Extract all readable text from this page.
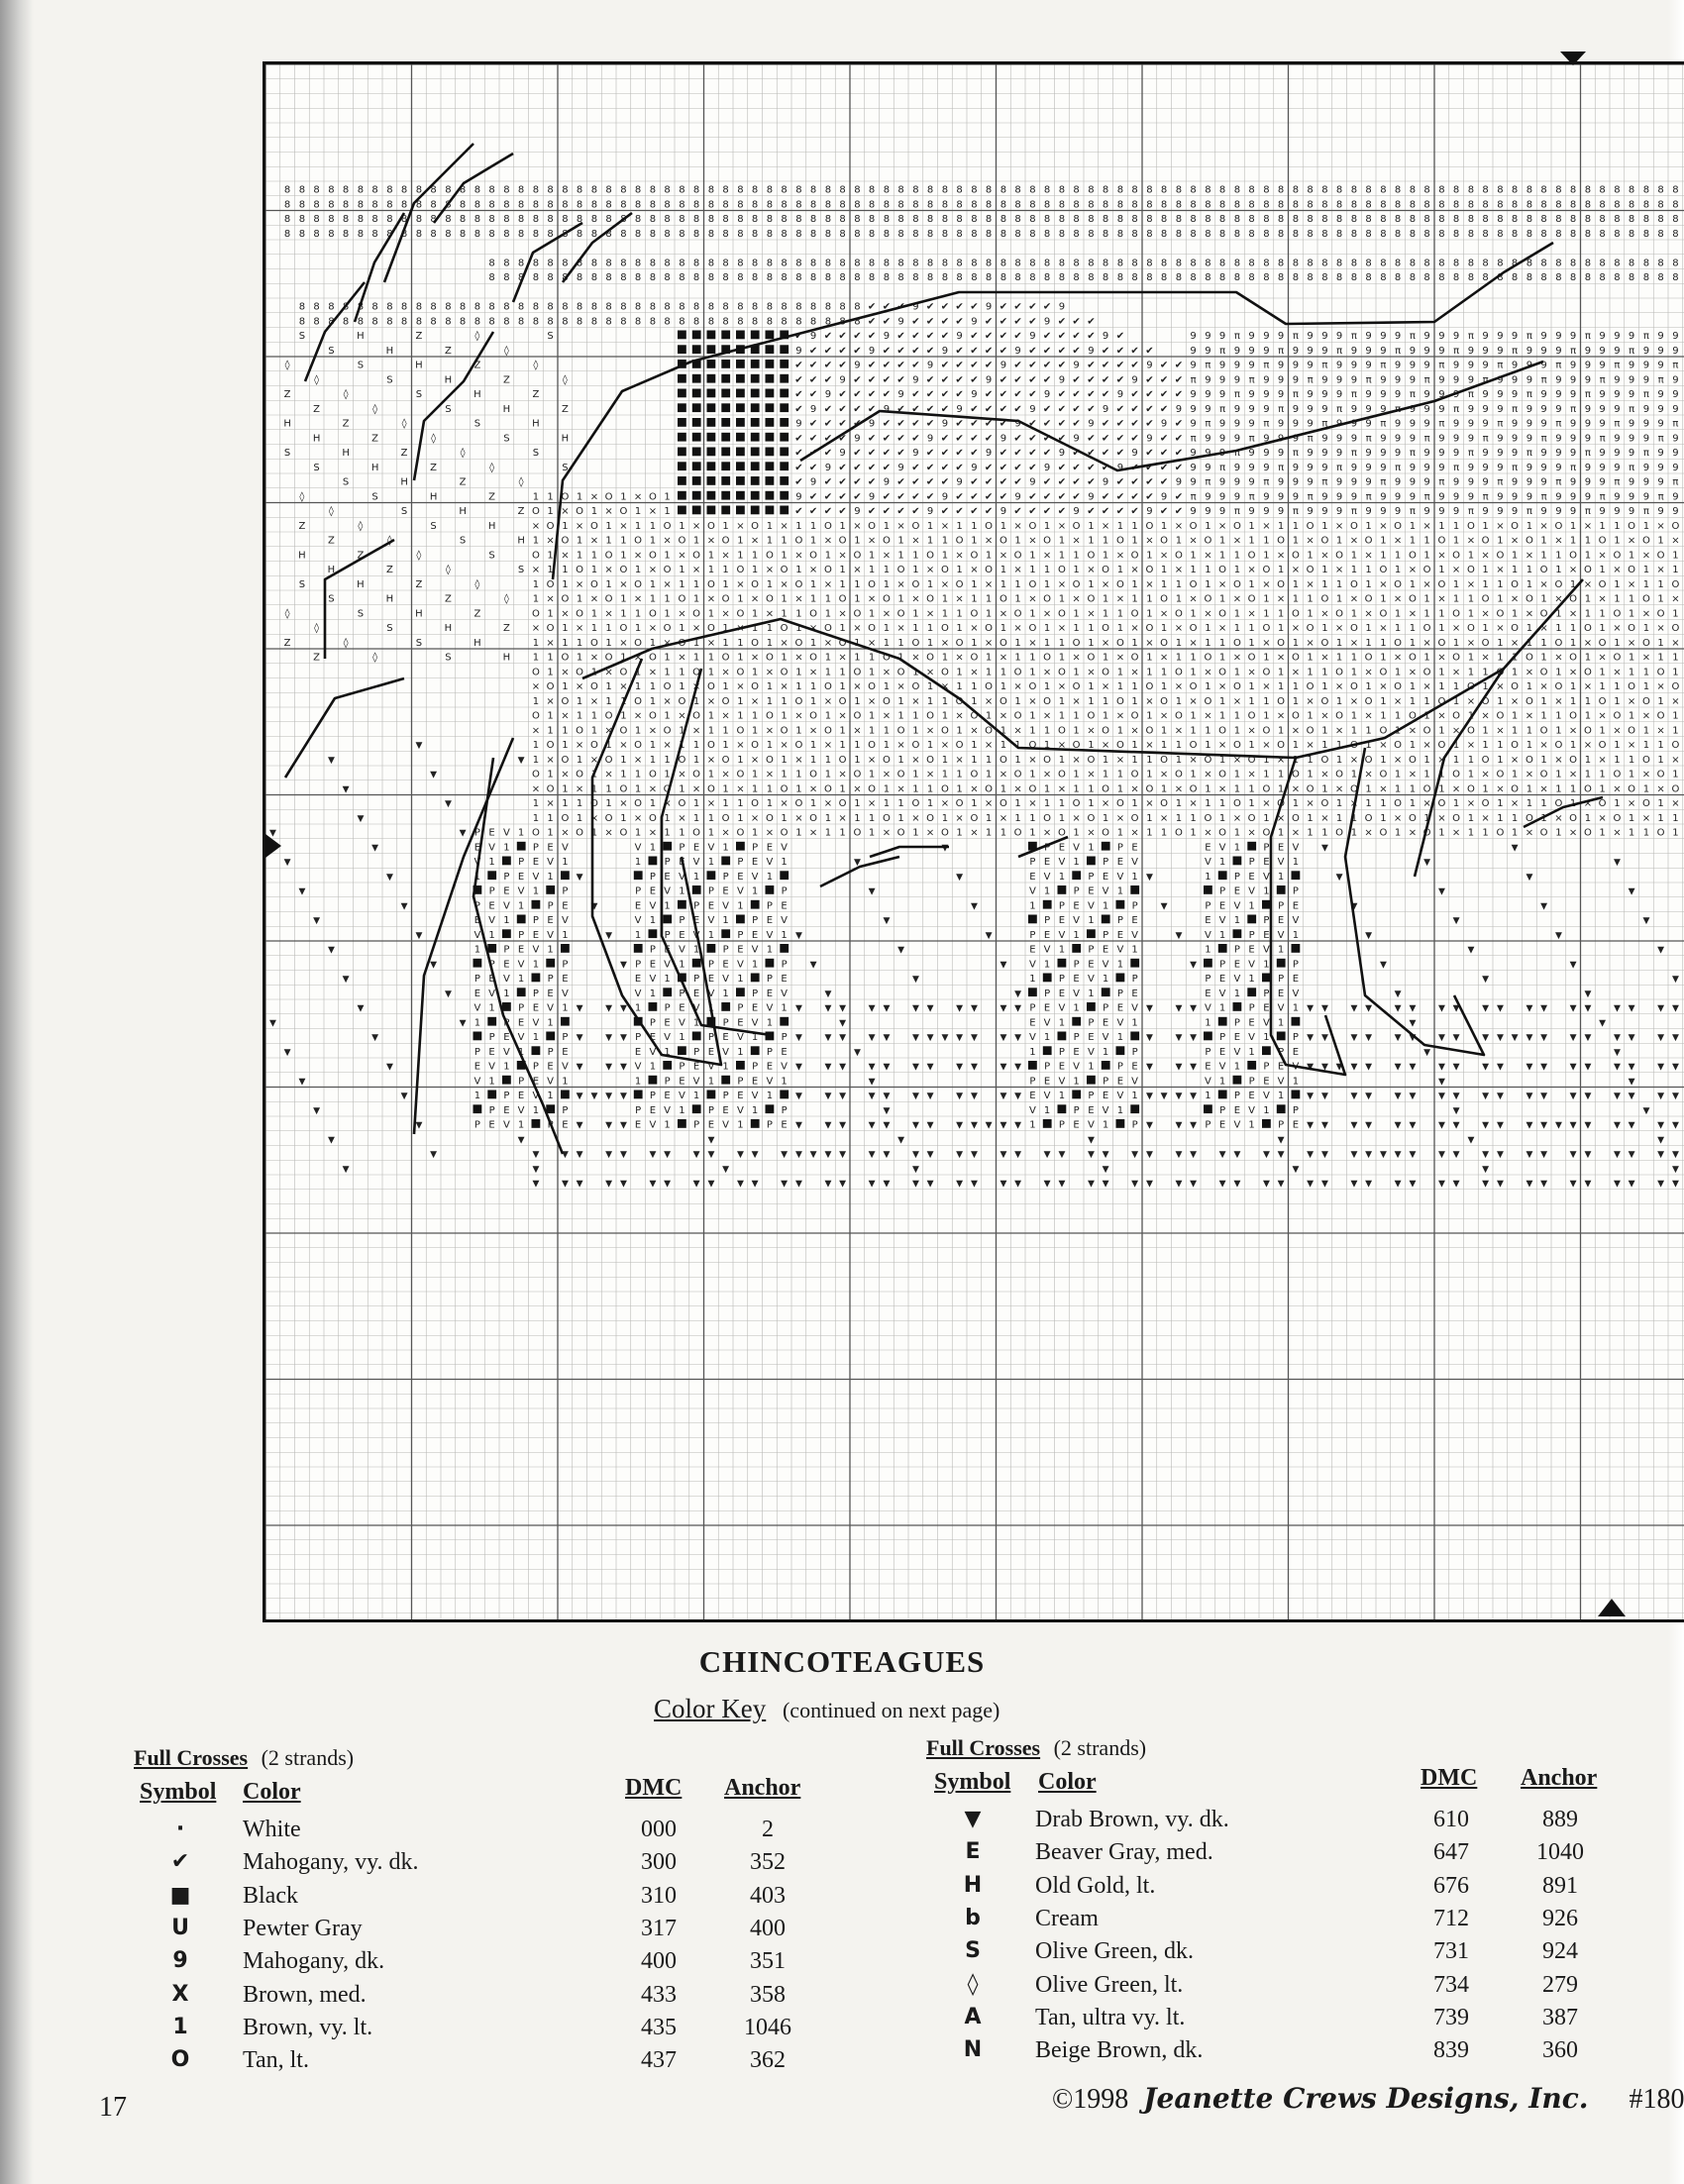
8 8 8 8 8 8 8 8 8 8 8 8 8 8 8 8 8 8 8 8 8 8 8 8 8 8 8 8 8 8 8 8 8 8 8 8 8 8 8 8 8 8 8 8 8 8 8 8 8 8 8 8 8 8 8 8 8 8 8 8 8 8 8 8 8 8 8 8 8 8 8 8 8 8 8 8 8 8 8 8 8 8 8 8 8 8 8 8 8 8 8 8 8 8 8 8
8 8 8 8 8 8 8 8 8 8 8 8 8 8 8 8 8 8 8 8 8 8 8 8 8 8 8 8 8 8 8 8 8 8 8 8 8 8 8 8 8 8 8 8 8 8 8 8 8 8 8 8 8 8 8 8 8 8 8 8 8 8 8 8 8 8 8 8 8 8 8 8 8 8 8 8 8 8 8 8 8 8 8 8 8 8 8 8 8 8 8 8 8 8 8 8
8 8 8 8 8 8 8 8 8 8 8 8 8 8 8 8 8 8 8 8 8 8 8 8 8 8 8 8 8 8 8 8 8 8 8 8 8 8 8 8 8 8 8 8 8 8 8 8 8 8 8 8 8 8 8 8 8 8 8 8 8 8 8 8 8 8 8 8 8 8 8 8 8 8 8 8 8 8 8 8 8 8 8 8 8 8 8 8 8 8 8 8 8 8 8 8
8 8 8 8 8 8 8 8 8 8 8 8 8 8 8 8 8 8 8 8 8 8 8 8 8 8 8 8 8 8 8 8 8 8 8 8 8 8 8 8 8 8 8 8 8 8 8 8 8 8 8 8 8 8 8 8 8 8 8 8 8 8 8 8 8 8 8 8 8 8 8 8 8 8 8 8 8 8 8 8 8 8 8 8 8 8 8 8 8 8 8 8 8 8 8 8
8 8 8 8 8 8 8 8 8 8 8 8 8 8 8 8 8 8 8 8 8 8 8 8 8 8 8 8 8 8 8 8 8 8 8 8 8 8 8 8 8 8 8 8 8 8 8 8 8 8 8 8 8 8 8 8 8 8 8 8 8 8 8 8 8 8 8 8 8 8 8 8 8 8 8 8 8 8 8 8 8 8
8 8 8 8 8 8 8 8 8 8 8 8 8 8 8 8 8 8 8 8 8 8 8 8 8 8 8 8 8 8 8 8 8 8 8 8 8 8 8 8 8 8 8 8 8 8 8 8 8 8 8 8 8 8 8 8 8 8 8 8 8 8 8 8 8 8 8 8 8 8 8 8 8 8 8 8 8 8 8 8 8 8
8 8 8 8 8 8 8 8 8 8 8 8 8 8 8 8 8 8 8 8 8 8 8 8 8 8 8 8 8 8 8 8 8 8 8 8 8 8 8 ✔ ✔ ✔ 9 ✔ ✔ ✔ ✔ 9 ✔ ✔ ✔ ✔ 9
8 8 8 8 8 8 8 8 8 8 8 8 8 8 8 8 8 8 8 8 8 8 8 8 8 8 8 8 8 8 8 8 8 8 8 8 8 8 8 ✔ ✔ 9 ✔ ✔ ✔ ✔ 9 ✔ ✔ ✔ ✔ 9 ✔ ✔ ✔
S	H	Z	◊	S	✔ 9 ✔ ✔ ✔ ✔ 9 ✔ ✔ ✔ ✔ 9 ✔ ✔ ✔ ✔ 9 ✔ ✔ ✔ ✔ 9 ✔	9 9 9 π 9 9 9 π 9 9 9 π 9 9 9 π 9 9 9 π 9 9 9 π 9 9 9 π 9 9 9 π 9 9
S	H	Z	◊	9 ✔ ✔ ✔ ✔ 9 ✔ ✔ ✔ ✔ 9 ✔ ✔ ✔ ✔ 9 ✔ ✔ ✔ ✔ 9 ✔ ✔ ✔ ✔	9 9 π 9 9 9 π 9 9 9 π 9 9 9 π 9 9 9 π 9 9 9 π 9 9 9 π 9 9 9 π 9 9 9
◊	S	H	Z	◊	✔ ✔ ✔ ✔ 9 ✔ ✔ ✔ ✔ 9 ✔ ✔ ✔ ✔ 9 ✔ ✔ ✔ ✔ 9 ✔ ✔ ✔ ✔ 9 ✔ ✔ 9 π 9 9 9 π 9 9 9 π 9 9 9 π 9 9 9 π 9 9 9 π 9 9 9 π 9 9 9 π 9 9 9 π
◊	S	H	Z	◊	✔ ✔ ✔ 9 ✔ ✔ ✔ ✔ 9 ✔ ✔ ✔ ✔ 9 ✔ ✔ ✔ ✔ 9 ✔ ✔ ✔ ✔ 9 ✔ ✔ ✔ π 9 9 9 π 9 9 9 π 9 9 9 π 9 9 9 π 9 9 9 π 9 9 9 π 9 9 9 π 9 9 9 π 9
Z	◊	S	H	Z	✔ ✔ 9 ✔ ✔ ✔ ✔ 9 ✔ ✔ ✔ ✔ 9 ✔ ✔ ✔ ✔ 9 ✔ ✔ ✔ ✔ 9 ✔ ✔ ✔ ✔ 9 9 9 π 9 9 9 π 9 9 9 π 9 9 9 π 9 9 9 π 9 9 9 π 9 9 9 π 9 9 9 π 9 9
Z	◊	S	H	Z	✔ 9 ✔ ✔ ✔ ✔ 9 ✔ ✔ ✔ ✔ 9 ✔ ✔ ✔ ✔ 9 ✔ ✔ ✔ ✔ 9 ✔ ✔ ✔ ✔ 9 9 9 π 9 9 9 π 9 9 9 π 9 9 9 π 9 9 9 π 9 9 9 π 9 9 9 π 9 9 9 π 9 9 9
H	Z	◊	S	H	9 ✔ ✔ ✔ ✔ 9 ✔ ✔ ✔ ✔ 9 ✔ ✔ ✔ ✔ 9 ✔ ✔ ✔ ✔ 9 ✔ ✔ ✔ ✔ 9 ✔ 9 π 9 9 9 π 9 9 9 π 9 9 9 π 9 9 9 π 9 9 9 π 9 9 9 π 9 9 9 π 9 9 9 π
H	Z	◊	S	H	✔ ✔ ✔ ✔ 9 ✔ ✔ ✔ ✔ 9 ✔ ✔ ✔ ✔ 9 ✔ ✔ ✔ ✔ 9 ✔ ✔ ✔ ✔ 9 ✔ ✔ π 9 9 9 π 9 9 9 π 9 9 9 π 9 9 9 π 9 9 9 π 9 9 9 π 9 9 9 π 9 9 9 π 9
S	H	Z	◊	S	✔ ✔ ✔ 9 ✔ ✔ ✔ ✔ 9 ✔ ✔ ✔ ✔ 9 ✔ ✔ ✔ ✔ 9 ✔ ✔ ✔ ✔ 9 ✔ ✔ ✔ 9 9 9 π 9 9 9 π 9 9 9 π 9 9 9 π 9 9 9 π 9 9 9 π 9 9 9 π 9 9 9 π 9 9
S	H	Z	◊	S	✔ ✔ 9 ✔ ✔ ✔ ✔ 9 ✔ ✔ ✔ ✔ 9 ✔ ✔ ✔ ✔ 9 ✔ ✔ ✔ ✔ 9 ✔ ✔ ✔ ✔ 9 9 π 9 9 9 π 9 9 9 π 9 9 9 π 9 9 9 π 9 9 9 π 9 9 9 π 9 9 9 π 9 9 9
S	H	Z	◊	✔ 9 ✔ ✔ ✔ ✔ 9 ✔ ✔ ✔ ✔ 9 ✔ ✔ ✔ ✔ 9 ✔ ✔ ✔ ✔ 9 ✔ ✔ ✔ ✔ 9 9 π 9 9 9 π 9 9 9 π 9 9 9 π 9 9 9 π 9 9 9 π 9 9 9 π 9 9 9 π 9 9 9 π
◊	S	H	Z	1 1 O 1 × O 1 × O 1	9 ✔ ✔ ✔ ✔ 9 ✔ ✔ ✔ ✔ 9 ✔ ✔ ✔ ✔ 9 ✔ ✔ ✔ ✔ 9 ✔ ✔ ✔ ✔ 9 ✔ π 9 9 9 π 9 9 9 π 9 9 9 π 9 9 9 π 9 9 9 π 9 9 9 π 9 9 9 π 9 9 9 π 9
◊	S	H	Z O 1 × O 1 × O 1 × 1	✔ ✔ ✔ ✔ 9 ✔ ✔ ✔ ✔ 9 ✔ ✔ ✔ ✔ 9 ✔ ✔ ✔ ✔ 9 ✔ ✔ ✔ ✔ 9 ✔ ✔ 9 9 9 π 9 9 9 π 9 9 9 π 9 9 9 π 9 9 9 π 9 9 9 π 9 9 9 π 9 9 9 π 9 9
Z	◊	S	H	× O 1 × O 1 × 1 1 O 1 × O 1 × O 1 × 1 1 O 1 × O 1 × O 1 × 1 1 O 1 × O 1 × O 1 × 1 1 O 1 × O 1 × O 1 × 1 1 O 1 × O 1 × O 1 × 1 1 O 1 × O 1 × O 1 × 1 1 O 1 × O
Z	◊	S	H 1 × O 1 × 1 1 O 1 × O 1 × O 1 × 1 1 O 1 × O 1 × O 1 × 1 1 O 1 × O 1 × O 1 × 1 1 O 1 × O 1 × O 1 × 1 1 O 1 × O 1 × O 1 × 1 1 O 1 × O 1 × O 1 × 1 1 O 1 × O 1 ×
H	Z	◊	S	O 1 × 1 1 O 1 × O 1 × O 1 × 1 1 O 1 × O 1 × O 1 × 1 1 O 1 × O 1 × O 1 × 1 1 O 1 × O 1 × O 1 × 1 1 O 1 × O 1 × O 1 × 1 1 O 1 × O 1 × O 1 × 1 1 O 1 × O 1 × O 1
H	Z	◊	S × 1 1 O 1 × O 1 × O 1 × 1 1 O 1 × O 1 × O 1 × 1 1 O 1 × O 1 × O 1 × 1 1 O 1 × O 1 × O 1 × 1 1 O 1 × O 1 × O 1 × 1 1 O 1 × O 1 × O 1 × 1 1 O 1 × O 1 × O 1 × 1
S	H	Z	◊	1 O 1 × O 1 × O 1 × 1 1 O 1 × O 1 × O 1 × 1 1 O 1 × O 1 × O 1 × 1 1 O 1 × O 1 × O 1 × 1 1 O 1 × O 1 × O 1 × 1 1 O 1 × O 1 × O 1 × 1 1 O 1 × O 1 × O 1 × 1 1 O
S	H	Z	◊ 1 × O 1 × O 1 × 1 1 O 1 × O 1 × O 1 × 1 1 O 1 × O 1 × O 1 × 1 1 O 1 × O 1 × O 1 × 1 1 O 1 × O 1 × O 1 × 1 1 O 1 × O 1 × O 1 × 1 1 O 1 × O 1 × O 1 × 1 1 O 1 ×
◊	S	H	Z	O 1 × O 1 × 1 1 O 1 × O 1 × O 1 × 1 1 O 1 × O 1 × O 1 × 1 1 O 1 × O 1 × O 1 × 1 1 O 1 × O 1 × O 1 × 1 1 O 1 × O 1 × O 1 × 1 1 O 1 × O 1 × O 1 × 1 1 O 1 × O 1
◊	S	H	Z × O 1 × 1 1 O 1 × O 1 × O 1 × 1 1 O 1 × O 1 × O 1 × 1 1 O 1 × O 1 × O 1 × 1 1 O 1 × O 1 × O 1 × 1 1 O 1 × O 1 × O 1 × 1 1 O 1 × O 1 × O 1 × 1 1 O 1 × O 1 × O
Z	◊	S	H	1 × 1 1 O 1 × O 1 × O 1 × 1 1 O 1 × O 1 × O 1 × 1 1 O 1 × O 1 × O 1 × 1 1 O 1 × O 1 × O 1 × 1 1 O 1 × O 1 × O 1 × 1 1 O 1 × O 1 × O 1 × 1 1 O 1 × O 1 × O 1 ×
Z	◊	S	H 1 1 O 1 × O 1 × O 1 × 1 1 O 1 × O 1 × O 1 × 1 1 O 1 × O 1 × O 1 × 1 1 O 1 × O 1 × O 1 × 1 1 O 1 × O 1 × O 1 × 1 1 O 1 × O 1 × O 1 × 1 1 O 1 × O 1 × O 1 × 1 1
O 1 × O 1 × O 1 × 1 1 O 1 × O 1 × O 1 × 1 1 O 1 × O 1 × O 1 × 1 1 O 1 × O 1 × O 1 × 1 1 O 1 × O 1 × O 1 × 1 1 O 1 × O 1 × O 1 × 1 1 O 1 × O 1 × O 1 × 1 1 O 1
× O 1 × O 1 × 1 1 O 1 × O 1 × O 1 × 1 1 O 1 × O 1 × O 1 × 1 1 O 1 × O 1 × O 1 × 1 1 O 1 × O 1 × O 1 × 1 1 O 1 × O 1 × O 1 × 1 1 O 1 × O 1 × O 1 × 1 1 O 1 × O
1 × O 1 × 1 1 O 1 × O 1 × O 1 × 1 1 O 1 × O 1 × O 1 × 1 1 O 1 × O 1 × O 1 × 1 1 O 1 × O 1 × O 1 × 1 1 O 1 × O 1 × O 1 × 1 1 O 1 × O 1 × O 1 × 1 1 O 1 × O 1 ×
O 1 × 1 1 O 1 × O 1 × O 1 × 1 1 O 1 × O 1 × O 1 × 1 1 O 1 × O 1 × O 1 × 1 1 O 1 × O 1 × O 1 × 1 1 O 1 × O 1 × O 1 × 1 1 O 1 × O 1 × O 1 × 1 1 O 1 × O 1 × O 1
× 1 1 O 1 × O 1 × O 1 × 1 1 O 1 × O 1 × O 1 × 1 1 O 1 × O 1 × O 1 × 1 1 O 1 × O 1 × O 1 × 1 1 O 1 × O 1 × O 1 × 1 1 O 1 × O 1 × O 1 × 1 1 O 1 × O 1 × O 1 × 1
▼	1 O 1 × O 1 × O 1 × 1 1 O 1 × O 1 × O 1 × 1 1 O 1 × O 1 × O 1 × 1 1 O 1 × O 1 × O 1 × 1 1 O 1 × O 1 × O 1 × 1 1 O 1 × O 1 × O 1 × 1 1 O 1 × O 1 × O 1 × 1 1 O
▼	▼ 1 × O 1 × O 1 × 1 1 O 1 × O 1 × O 1 × 1 1 O 1 × O 1 × O 1 × 1 1 O 1 × O 1 × O 1 × 1 1 O 1 × O 1 × O 1 × 1 1 O 1 × O 1 × O 1 × 1 1 O 1 × O 1 × O 1 × 1 1 O 1 ×
▼	O 1 × O 1 × 1 1 O 1 × O 1 × O 1 × 1 1 O 1 × O 1 × O 1 × 1 1 O 1 × O 1 × O 1 × 1 1 O 1 × O 1 × O 1 × 1 1 O 1 × O 1 × O 1 × 1 1 O 1 × O 1 × O 1 × 1 1 O 1 × O 1
▼	× O 1 × 1 1 O 1 × O 1 × O 1 × 1 1 O 1 × O 1 × O 1 × 1 1 O 1 × O 1 × O 1 × 1 1 O 1 × O 1 × O 1 × 1 1 O 1 × O 1 × O 1 × 1 1 O 1 × O 1 × O 1 × 1 1 O 1 × O 1 × O
▼	1 × 1 1 O 1 × O 1 × O 1 × 1 1 O 1 × O 1 × O 1 × 1 1 O 1 × O 1 × O 1 × 1 1 O 1 × O 1 × O 1 × 1 1 O 1 × O 1 × O 1 × 1 1 O 1 × O 1 × O 1 × 1 1 O 1 × O 1 × O 1 ×
▼	1 1 O 1 × O 1 × O 1 × 1 1 O 1 × O 1 × O 1 × 1 1 O 1 × O 1 × O 1 × 1 1 O 1 × O 1 × O 1 × 1 1 O 1 × O 1 × O 1 × 1 1 O 1 × O 1 × O 1 × 1 1 O 1 × O 1 × O 1 × 1 1
▼	▼ P E V 1 O 1 × O 1 × O 1 × 1 1 O 1 × O 1 × O 1 × 1 1 O 1 × O 1 × O 1 × 1 1 O 1 × O 1 × O 1 × 1 1 O 1 × O 1 × O 1 × 1 1 O 1 × O 1 × O 1 × 1 1 O 1 × O 1 × O 1 × 1 1 O 1
▼	E V 1 P E V	V 1 P E V 1 P E V	▼	P E V 1 P E	E V 1 P E V	▼	▼
▼	V 1 P E V 1	1 P E V 1 P E V 1	▼	P E V 1 P E V	V 1 P E V 1	▼	▼
▼	1 P E V 1	▼	P E V 1 P E V 1	▼	E V 1 P E V 1 ▼	1 P E V 1	▼	▼
▼	P E V 1 P	P E V 1 P E V 1 P	▼	V 1 P E V 1	P E V 1 P	▼	▼
▼	P E V 1 P E	▼	E V 1 P E V 1 P E	▼	1 P E V 1 P	▼	P E V 1 P E	▼	▼
▼	E V 1 P E V	V 1 P E V 1 P E V	▼	P E V 1 P E	E V 1 P E V	▼	▼
▼	V 1 P E V 1	▼ 1 P E V 1 P E V 1 ▼	▼	P E V 1 P E V	▼ V 1 P E V 1	▼	▼
▼	1 P E V 1	P E V 1 P E V 1	▼	E V 1 P E V 1	1 P E V 1	▼	▼
▼	P E V 1 P	▼ P E V 1 P E V 1 P	▼	▼ V 1 P E V 1	▼ P E V 1 P	▼	▼
▼	P E V 1 P E	E V 1 P E V 1 P E	▼	1 P E V 1 P	P E V 1 P E	▼	▼
▼ E V 1 P E V	V 1 P E V 1 P E V	▼	▼ P E V 1 P E	E V 1 P E V	▼	▼
▼	V 1 P E V 1 ▼	▼ ▼ 1 P E V 1 P E V 1 ▼	▼ ▼	▼ ▼	▼ ▼	▼ ▼	▼ ▼ P E V 1 P E V ▼	▼ ▼ V 1 P E V 1 ▼ ▼	▼ ▼	▼ ▼	▼ ▼	▼ ▼	▼ ▼	▼ ▼	▼ ▼	▼ ▼
▼	▼ 1 P E V 1	P E V 1 P E V 1	▼	E V 1 P E V 1	1 P E V 1	▼	▼
▼	P E V 1 P ▼	▼ ▼ P E V 1 P E V 1 P ▼	▼ ▼	▼ ▼	▼ ▼ ▼ ▼ ▼	▼ ▼ V 1 P E V 1	▼	▼ ▼ P E V 1 P ▼ ▼	▼ ▼	▼ ▼	▼ ▼	▼ ▼ ▼ ▼ ▼	▼ ▼	▼ ▼	▼ ▼
▼	P E V 1 P E	E V 1 P E V 1 P E	▼	1 P E V 1 P	P E V 1 P E	▼	▼
▼	E V 1 P E V ▼	▼ ▼ V 1 P E V 1 P E V ▼	▼ ▼	▼ ▼	▼ ▼	▼ ▼	▼ ▼ P E V 1 P E ▼	▼ ▼ E V 1 P E V ▼ ▼ ▼ ▼ ▼	▼ ▼	▼ ▼	▼ ▼	▼ ▼	▼ ▼	▼ ▼	▼ ▼
▼	V 1 P E V 1	1 P E V 1 P E V 1	▼	P E V 1 P E V	V 1 P E V 1	▼	▼
▼	1 P E V 1	▼ ▼ ▼ ▼ P E V 1 P E V 1	▼	▼ ▼	▼ ▼	▼ ▼	▼ ▼	▼ ▼ E V 1 P E V 1 ▼ ▼ ▼ ▼ 1 P E V 1	▼ ▼	▼ ▼	▼ ▼	▼ ▼	▼ ▼	▼ ▼	▼ ▼	▼ ▼	▼ ▼
▼	P E V 1 P	P E V 1 P E V 1 P	▼	V 1 P E V 1	P E V 1 P	▼	▼
▼	P E V 1 P E ▼	▼ ▼ E V 1 P E V 1 P E ▼	▼ ▼	▼ ▼	▼ ▼	▼ ▼ ▼ ▼ ▼ 1 P E V 1 P ▼	▼ ▼ P E V 1 P E ▼ ▼	▼ ▼	▼ ▼	▼ ▼	▼ ▼	▼ ▼ ▼ ▼ ▼	▼ ▼	▼ ▼
▼	▼	▼	▼	▼	▼	▼	▼
▼	▼	▼ ▼	▼ ▼	▼ ▼	▼ ▼	▼ ▼	▼ ▼ ▼ ▼ ▼	▼ ▼	▼ ▼	▼ ▼	▼ ▼	▼ ▼	▼ ▼	▼ ▼	▼ ▼	▼ ▼	▼ ▼	▼ ▼	▼ ▼ ▼ ▼ ▼	▼ ▼	▼ ▼	▼ ▼	▼ ▼	▼ ▼	▼ ▼
▼	▼	▼	▼	▼	▼	▼	▼
▼	▼ ▼	▼ ▼	▼ ▼	▼ ▼	▼ ▼	▼ ▼	▼ ▼	▼ ▼	▼ ▼	▼ ▼	▼ ▼	▼ ▼	▼ ▼	▼ ▼	▼ ▼	▼ ▼	▼ ▼	▼ ▼	▼ ▼	▼ ▼	▼ ▼	▼ ▼	▼ ▼	▼ ▼	▼ ▼	▼ ▼
CHINCOTEAGUES
Color Key (continued on next page)
Full Crosses (2 strands)
Symbol Color	DMC Anchor
·	White	000	2
✔	Mahogany, vy. dk.	300	352
■	Black	310	403
U	Pewter Gray	317	400
9	Mahogany, dk.	400	351
X	Brown, med.	433	358
1	Brown, vy. lt.	435	1046
O	Tan, lt.	437	362
Full Crosses (2 strands)
Symbol Color	DMC Anchor
▼	Drab Brown, vy. dk.	610	889
E	Beaver Gray, med.	647	1040
H	Old Gold, lt.	676	891
b	Cream	712	926
S	Olive Green, dk.	731	924
◊	Olive Green, lt.	734	279
A	Tan, ultra vy. lt.	739	387
N	Beige Brown, dk.	839	360
17	©1998 Jeanette Crews Designs, Inc. #180
